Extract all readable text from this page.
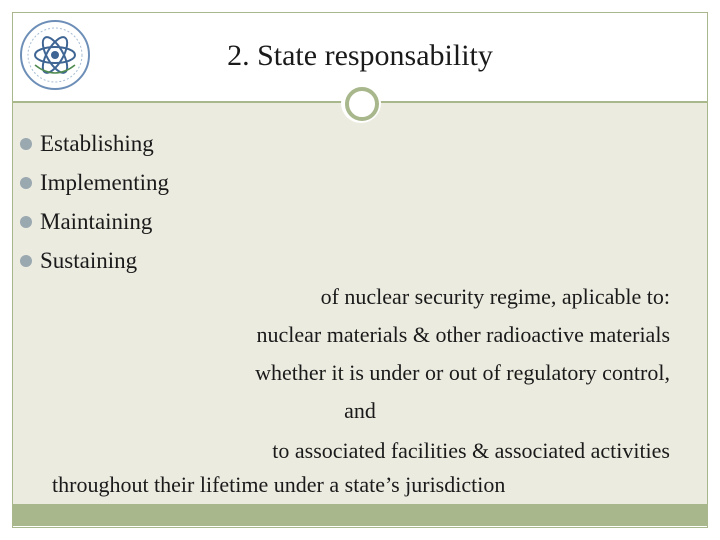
2. State responsability
Establishing
Implementing
Maintaining
Sustaining
of nuclear security regime, aplicable to:
nuclear materials & other radioactive materials
whether it is under or out of regulatory control,
and
to associated facilities & associated activities
throughout their lifetime under a state’s jurisdiction
